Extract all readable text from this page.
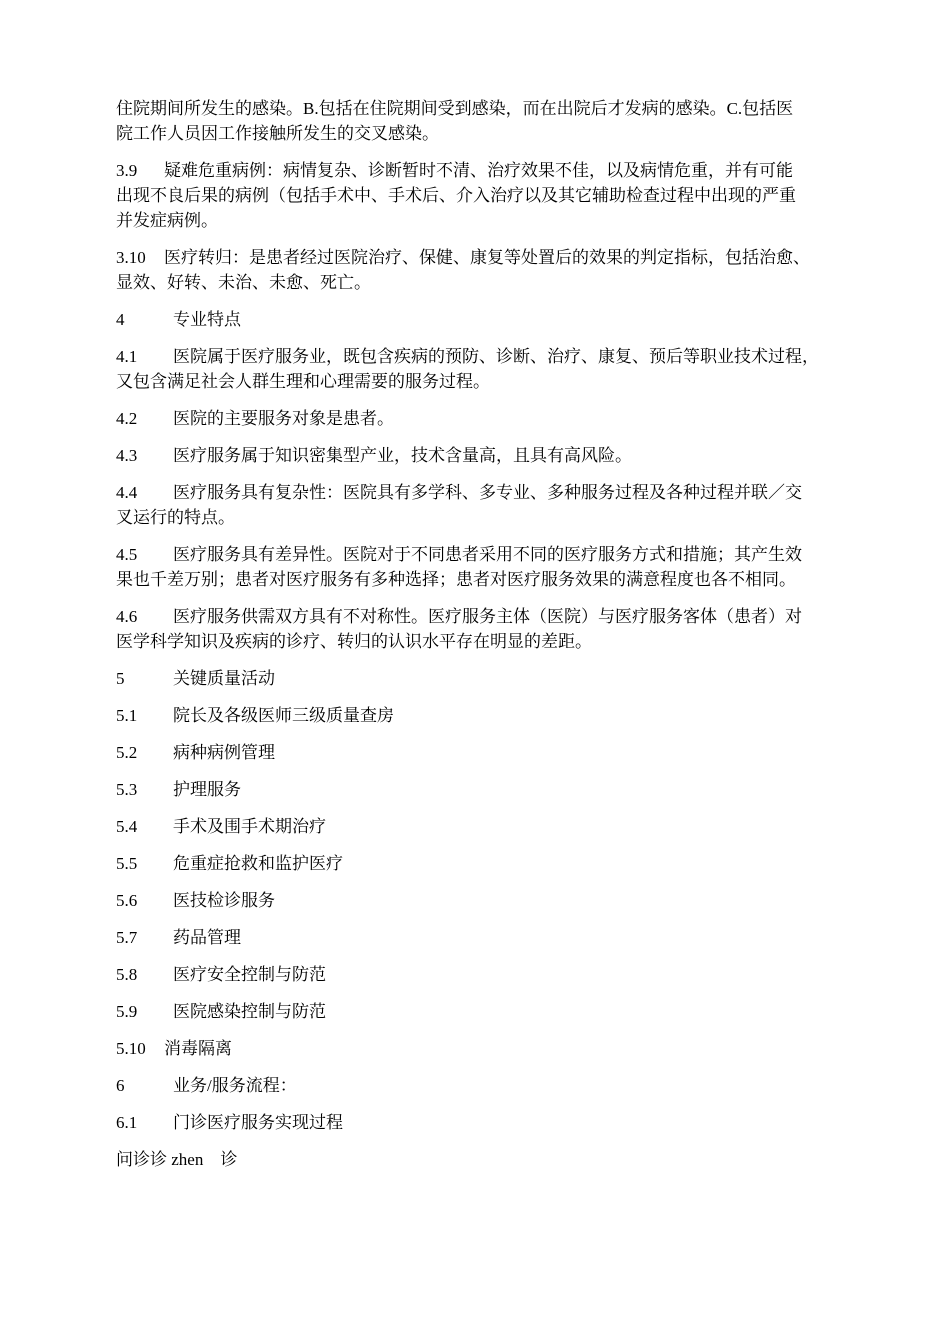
住院期间所发生的感染。B.包括在住院期间受到感染，而在出院后才发病的感染。C.包括医
院工作人员因工作接触所发生的交叉感染。
3.9 疑难危重病例：病情复杂、诊断暂时不清、治疗效果不佳，以及病情危重，并有可能
出现不良后果的病例（包括手术中、手术后、介入治疗以及其它辅助检查过程中出现的严重
并发症病例。
3.10 医疗转归：是患者经过医院治疗、保健、康复等处置后的效果的判定指标，包括治愈、
显效、好转、未治、未愈、死亡。
4	专业特点
4.1 医院属于医疗服务业，既包含疾病的预防、诊断、治疗、康复、预后等职业技术过程，
又包含满足社会人群生理和心理需要的服务过程。
4.2 医院的主要服务对象是患者。
4.3 医疗服务属于知识密集型产业，技术含量高，且具有高风险。
4.4 医疗服务具有复杂性：医院具有多学科、多专业、多种服务过程及各种过程并联／交
叉运行的特点。
4.5 医疗服务具有差异性。医院对于不同患者采用不同的医疗服务方式和措施；其产生效
果也千差万别；患者对医疗服务有多种选择；患者对医疗服务效果的满意程度也各不相同。
4.6 医疗服务供需双方具有不对称性。医疗服务主体（医院）与医疗服务客体（患者）对
医学科学知识及疾病的诊疗、转归的认识水平存在明显的差距。
5	关键质量活动
5.1 院长及各级医师三级质量查房
5.2 病种病例管理
5.3 护理服务
5.4 手术及围手术期治疗
5.5 危重症抢救和监护医疗
5.6 医技检诊服务
5.7 药品管理
5.8 医疗安全控制与防范
5.9 医院感染控制与防范
5.10 消毒隔离
6	业务/服务流程：
6.1 门诊医疗服务实现过程
问诊诊 zhen　诊
